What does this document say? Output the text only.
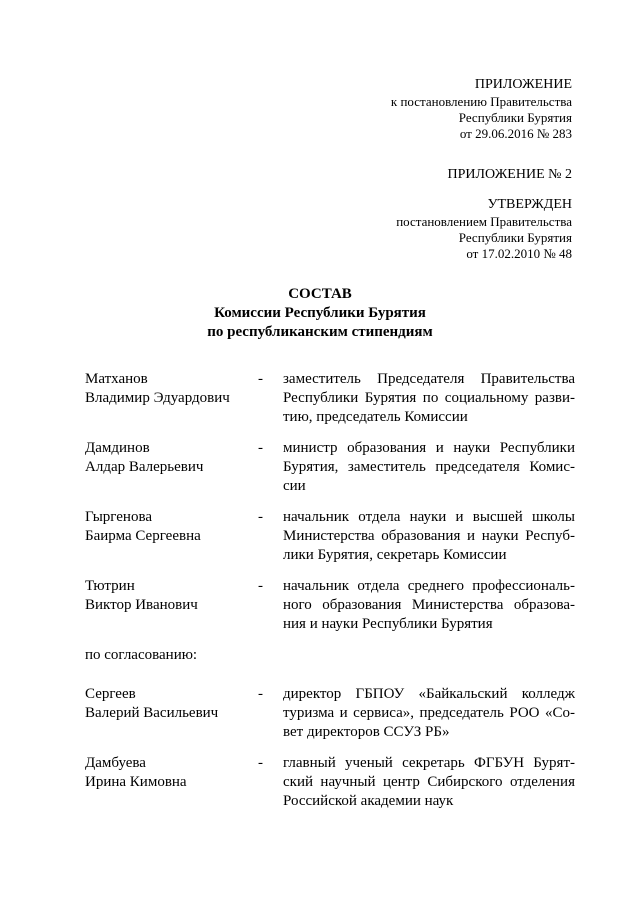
ПРИЛОЖЕНИЕ
к постановлению Правительства
Республики Бурятия
от 29.06.2016 № 283
ПРИЛОЖЕНИЕ № 2
УТВЕРЖДЕН
постановлением Правительства
Республики Бурятия
от 17.02.2010 № 48
СОСТАВ
Комиссии Республики Бурятия
по республиканским стипендиям
Матханов
Владимир Эдуардович
-	заместитель Председателя Правительства
Республики Бурятия по социальному разви-
тию, председатель Комиссии
Дамдинов
Алдар Валерьевич
-	министр образования и науки Республики
Бурятия, заместитель председателя Комис-
сии
Гыргенова
Баирма Сергеевна
-	начальник отдела науки и высшей школы
Министерства образования и науки Респуб-
лики Бурятия, секретарь Комиссии
Тютрин
Виктор Иванович
-	начальник отдела среднего профессиональ-
ного образования Министерства образова-
ния и науки Республики Бурятия
по согласованию:
Сергеев
Валерий Васильевич
-	директор ГБПОУ «Байкальский колледж
туризма и сервиса», председатель РОО «Со-
вет директоров ССУЗ РБ»
Дамбуева
Ирина Кимовна
-	главный ученый секретарь ФГБУН Бурят-
ский научный центр Сибирского отделения
Российской академии наук
